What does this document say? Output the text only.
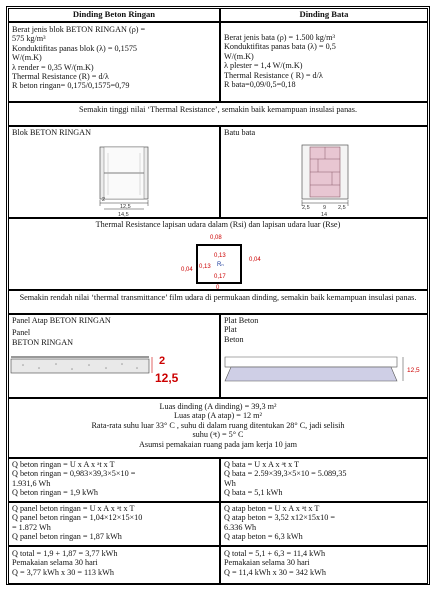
Dinding Beton Ringan	Dinding Bata
Berat jenis blok BETON RINGAN (ρ) =
575 kg/m³
Konduktifitas panas blok (λ) = 0,1575
W/(m.K)
λ render = 0,35 W/(m.K)
Thermal Resistance (R) = d/λ
R beton ringan= 0,175/0,1575=0,79
Berat jenis bata (ρ) = 1.500 kg/m³
Konduktifitas panas bata (λ) = 0,5
W/(m.K)
λ plester = 1,4 W/(m.K)
Thermal Resistance ( R) = d/λ
R bata=0,09/0,5=0,18
Semakin tinggi nilai ‘Thermal Resistance’, semakin baik kemampuan insulasi panas.
Blok BETON RINGAN
2
12,5
14,5
Batu bata
2,5 9 2,5
14
Thermal Resistance lapisan udara dalam (Rsi) dan lapisan udara luar (Rse)
0,08
0,04
0,04
0,13
0,13 Rₙ
0,17
0
Semakin rendah nilai ‘thermal transmittance’ film udara di permukaan dinding, semakin baik kemampuan insulasi panas.
Panel Atap BETON RINGAN
Panel
BETON RINGAN
2
12,5
Plat Beton
Plat
Beton
12,5
Luas dinding (A dinding) = 39,3 m²
Luas atap (A atap) = 12 m²
Rata-rata suhu luar 33° C , suhu di dalam ruang ditentukan 28° C, jadi selisih
suhu (ᵃt) = 5° C
Asumsi pemakaian ruang pada jam kerja 10 jam
Q beton ringan = U x A x ᵃt x T
Q beton ringan = 0,983×39,3×5×10 =
1.931,6 Wh
Q beton ringan = 1,9 kWh
Q bata = U x A x ᵃt x T
Q bata = 2.59×39,3×5×10 = 5.089,35
Wh
Q bata = 5,1 kWh
Q panel beton ringan = U x A x ᵃt x T
Q panel beton ringan = 1,04×12×15×10
= 1.872 Wh
Q panel beton ringan = 1,87 kWh
Q atap beton = U x A x ᵃt x T
Q atap beton = 3,52 x12×15x10 =
6.336 Wh
Q atap beton = 6,3 kWh
Q total = 1,9 + 1,87 = 3,77 kWh
Pemakaian selama 30 hari
Q = 3,77 kWh x 30 = 113 kWh
Q total = 5,1 + 6,3 = 11,4 kWh
Pemakaian selama 30 hari
Q = 11,4 kWh x 30 = 342 kWh
